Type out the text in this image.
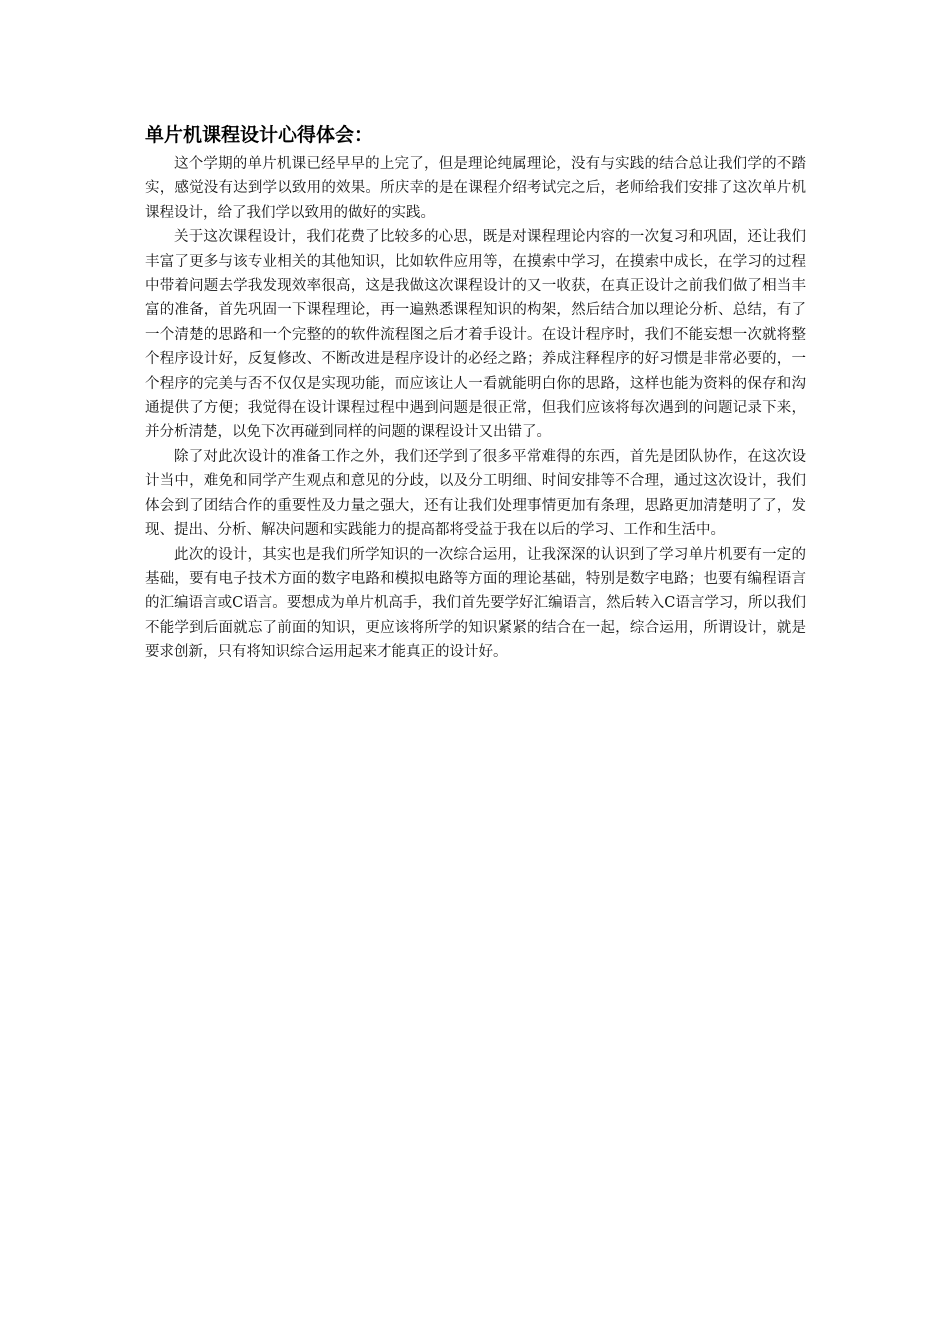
单片机课程设计心得体会：

这个学期的单片机课已经早早的上完了，但是理论纯属理论，没有与实践的结合总让我们学的不踏实，感觉没有达到学以致用的效果。所庆幸的是在课程介绍考试完之后，老师给我们安排了这次单片机课程设计，给了我们学以致用的做好的实践。

关于这次课程设计，我们花费了比较多的心思，既是对课程理论内容的一次复习和巩固，还让我们丰富了更多与该专业相关的其他知识，比如软件应用等，在摸索中学习，在摸索中成长，在学习的过程中带着问题去学我发现效率很高，这是我做这次课程设计的又一收获，在真正设计之前我们做了相当丰富的准备，首先巩固一下课程理论，再一遍熟悉课程知识的构架，然后结合加以理论分析、总结，有了一个清楚的思路和一个完整的的软件流程图之后才着手设计。在设计程序时，我们不能妄想一次就将整个程序设计好，反复修改、不断改进是程序设计的必经之路；养成注释程序的好习惯是非常必要的，一个程序的完美与否不仅仅是实现功能，而应该让人一看就能明白你的思路，这样也能为资料的保存和沟通提供了方便；我觉得在设计课程过程中遇到问题是很正常，但我们应该将每次遇到的问题记录下来，并分析清楚，以免下次再碰到同样的问题的课程设计又出错了。

除了对此次设计的准备工作之外，我们还学到了很多平常难得的东西，首先是团队协作，在这次设计当中，难免和同学产生观点和意见的分歧，以及分工明细、时间安排等不合理，通过这次设计，我们体会到了团结合作的重要性及力量之强大，还有让我们处理事情更加有条理，思路更加清楚明了了，发现、提出、分析、解决问题和实践能力的提高都将受益于我在以后的学习、工作和生活中。

此次的设计，其实也是我们所学知识的一次综合运用，让我深深的认识到了学习单片机要有一定的基础，要有电子技术方面的数字电路和模拟电路等方面的理论基础，特别是数字电路；也要有编程语言的汇编语言或C语言。要想成为单片机高手，我们首先要学好汇编语言，然后转入C语言学习，所以我们不能学到后面就忘了前面的知识，更应该将所学的知识紧紧的结合在一起，综合运用，所谓设计，就是要求创新，只有将知识综合运用起来才能真正的设计好。
